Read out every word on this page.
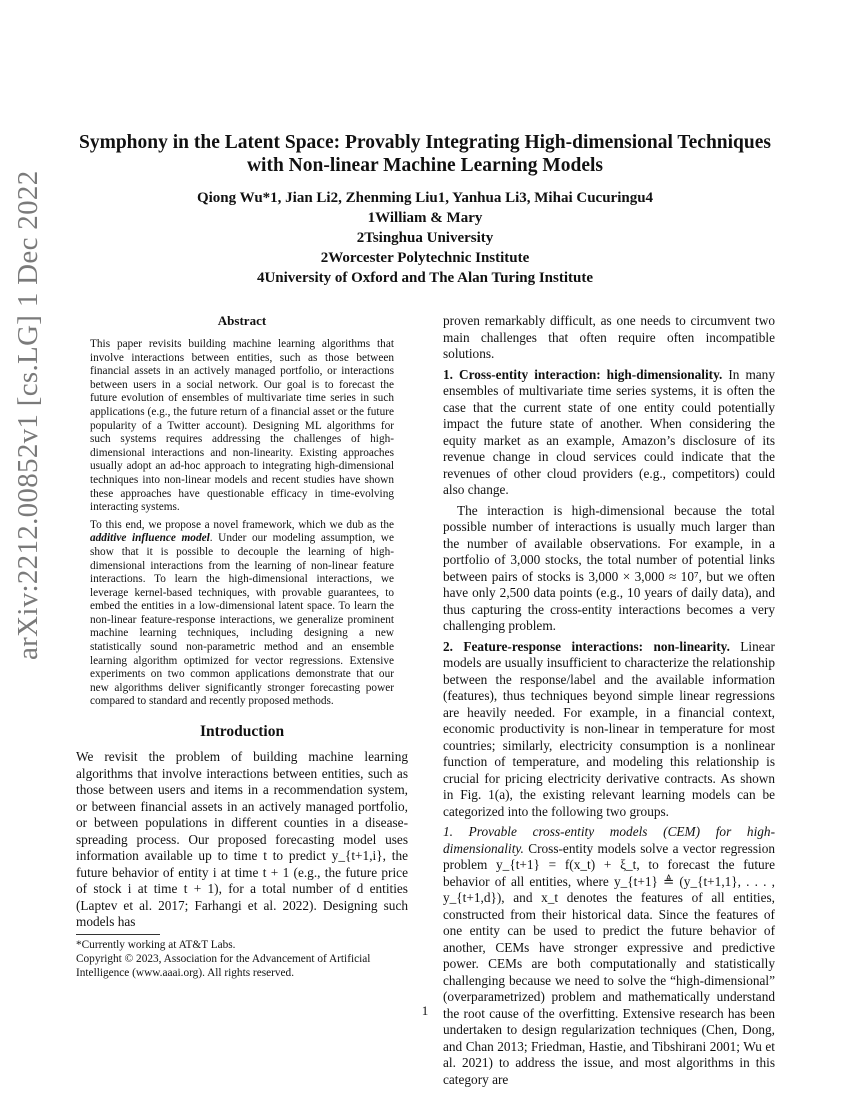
arXiv:2212.00852v1 [cs.LG] 1 Dec 2022
Symphony in the Latent Space: Provably Integrating High-dimensional Techniques with Non-linear Machine Learning Models
Qiong Wu*1, Jian Li2, Zhenming Liu1, Yanhua Li3, Mihai Cucuringu4
1William & Mary
2Tsinghua University
2Worcester Polytechnic Institute
4University of Oxford and The Alan Turing Institute
Abstract

This paper revisits building machine learning algorithms that involve interactions between entities, such as those between financial assets in an actively managed portfolio, or interactions between users in a social network. Our goal is to forecast the future evolution of ensembles of multivariate time series in such applications (e.g., the future return of a financial asset or the future popularity of a Twitter account). Designing ML algorithms for such systems requires addressing the challenges of high-dimensional interactions and non-linearity. Existing approaches usually adopt an ad-hoc approach to integrating high-dimensional techniques into non-linear models and recent studies have shown these approaches have questionable efficacy in time-evolving interacting systems.

To this end, we propose a novel framework, which we dub as the additive influence model. Under our modeling assumption, we show that it is possible to decouple the learning of high-dimensional interactions from the learning of non-linear feature interactions. To learn the high-dimensional interactions, we leverage kernel-based techniques, with provable guarantees, to embed the entities in a low-dimensional latent space. To learn the non-linear feature-response interactions, we generalize prominent machine learning techniques, including designing a new statistically sound non-parametric method and an ensemble learning algorithm optimized for vector regressions. Extensive experiments on two common applications demonstrate that our new algorithms deliver significantly stronger forecasting power compared to standard and recently proposed methods.

Introduction

We revisit the problem of building machine learning algorithms that involve interactions between entities, such as those between users and items in a recommendation system, or between financial assets in an actively managed portfolio, or between populations in different counties in a disease-spreading process. Our proposed forecasting model uses information available up to time t to predict y_{t+1,i}, the future behavior of entity i at time t + 1 (e.g., the future price of stock i at time t + 1), for a total number of d entities (Laptev et al. 2017; Farhangi et al. 2022). Designing such models has

*Currently working at AT&T Labs.
Copyright © 2023, Association for the Advancement of Artificial Intelligence (www.aaai.org). All rights reserved.

proven remarkably difficult, as one needs to circumvent two main challenges that often require often incompatible solutions.

1. Cross-entity interaction: high-dimensionality. In many ensembles of multivariate time series systems, it is often the case that the current state of one entity could potentially impact the future state of another. When considering the equity market as an example, Amazon’s disclosure of its revenue change in cloud services could indicate that the revenues of other cloud providers (e.g., competitors) could also change.

The interaction is high-dimensional because the total possible number of interactions is usually much larger than the number of available observations. For example, in a portfolio of 3,000 stocks, the total number of potential links between pairs of stocks is 3,000 × 3,000 ≈ 10⁷, but we often have only 2,500 data points (e.g., 10 years of daily data), and thus capturing the cross-entity interactions becomes a very challenging problem.

2. Feature-response interactions: non-linearity. Linear models are usually insufficient to characterize the relationship between the response/label and the available information (features), thus techniques beyond simple linear regressions are heavily needed. For example, in a financial context, economic productivity is non-linear in temperature for most countries; similarly, electricity consumption is a nonlinear function of temperature, and modeling this relationship is crucial for pricing electricity derivative contracts. As shown in Fig. 1(a), the existing relevant learning models can be categorized into the following two groups.

1. Provable cross-entity models (CEM) for high-dimensionality. Cross-entity models solve a vector regression problem y_{t+1} = f(x_t) + ξ_t, to forecast the future behavior of all entities, where y_{t+1} ≜ (y_{t+1,1}, . . . , y_{t+1,d}), and x_t denotes the features of all entities, constructed from their historical data. Since the features of one entity can be used to predict the future behavior of another, CEMs have stronger expressive and predictive power. CEMs are both computationally and statistically challenging because we need to solve the “high-dimensional” (overparametrized) problem and mathematically understand the root cause of the overfitting. Extensive research has been undertaken to design regularization techniques (Chen, Dong, and Chan 2013; Friedman, Hastie, and Tibshirani 2001; Wu et al. 2021) to address the issue, and most algorithms in this category are

1
